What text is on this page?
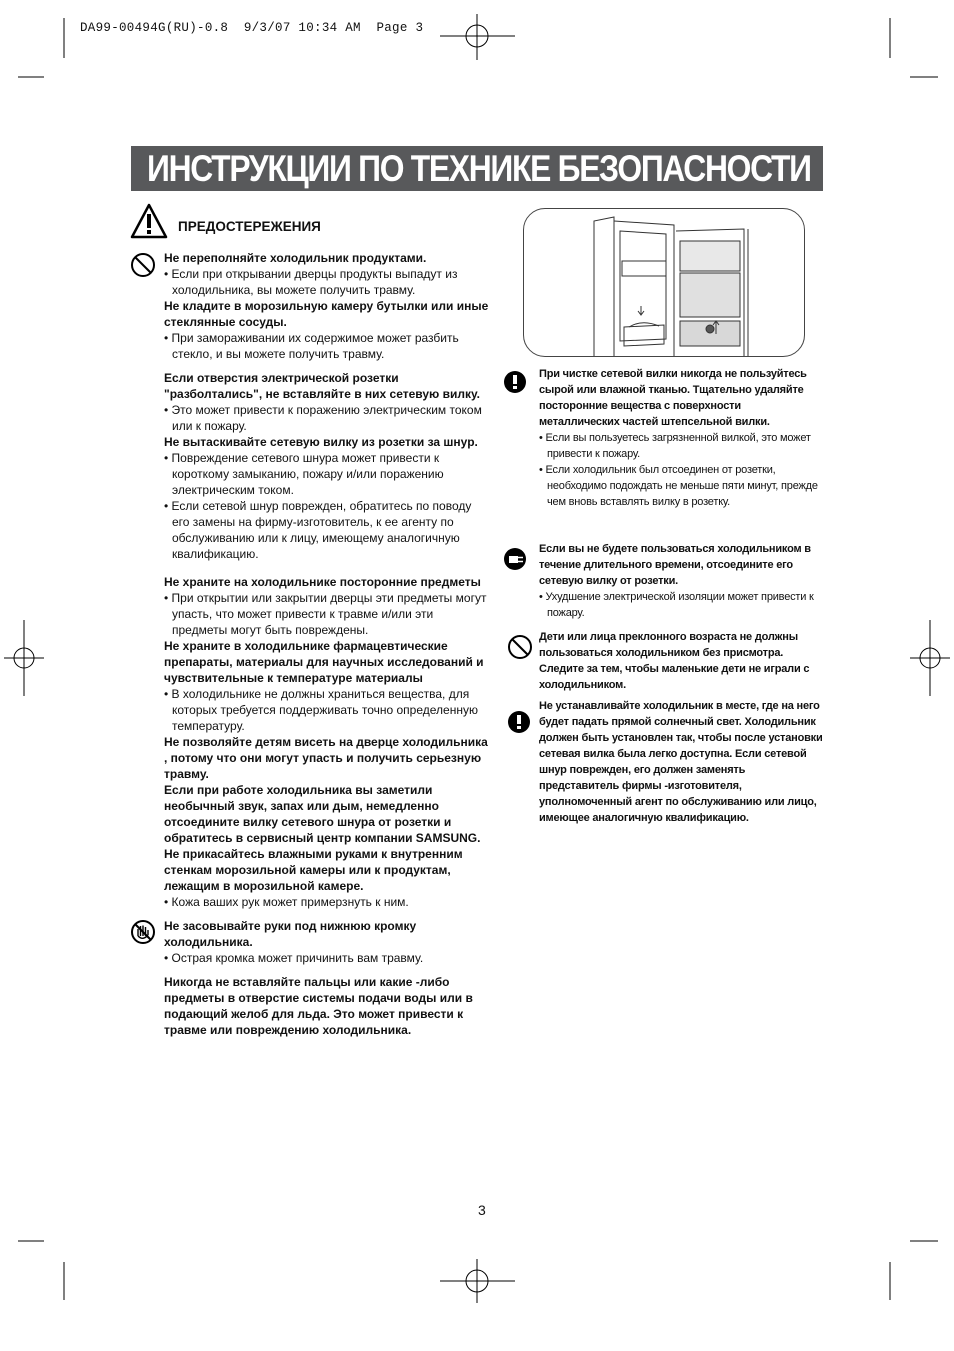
DA99-00494G(RU)-0.8  9/3/07 10:34 AM  Page 3
ИНСТРУКЦИИ ПО ТЕХНИКЕ БЕЗОПАСНОСТИ
ПРЕДОСТЕРЕЖЕНИЯ
Не переполняйте холодильник продуктами.
• Если при открывании дверцы продукты выпадут из холодильника, вы можете получить травму.
Не кладите в морозильную камеру бутылки или иные стеклянные сосуды.
• При замораживании их содержимое может разбить стекло, и вы можете получить травму.
Если отверстия электрической розетки "разболтались", не вставляйте в них сетевую вилку.
• Это может привести к поражению электрическим током или к пожару.
Не вытаскивайте сетевую вилку из розетки за шнур.
• Повреждение сетевого шнура может привести к короткому замыканию, пожару и/или поражению электрическим током.
• Если сетевой шнур поврежден, обратитесь по поводу его замены на фирму-изготовитель, к ее агенту по обслуживанию или к лицу, имеющему аналогичную квалификацию.
Не храните на холодильнике посторонние предметы
• При открытии или закрытии дверцы эти предметы могут упасть, что может привести к травме и/или эти предметы могут быть повреждены.
Не храните в холодильнике фармацевтические препараты, материалы для научных исследований и чувствительные к температуре материалы
• В холодильнике не должны храниться вещества, для которых требуется поддерживать точно определенную температуру.
Не позволяйте детям висеть на дверце холодильника , потому что они могут упасть и получить серьезную травму.
Если при работе холодильника вы заметили необычный звук, запах или дым, немедленно отсоедините вилку сетевого шнура от розетки и обратитесь в сервисный центр компании SAMSUNG.
Не прикасайтесь влажными руками к внутренним стенкам морозильной камеры или к продуктам, лежащим в морозильной камере.
• Кожа ваших рук может примерзнуть к ним.
Не засовывайте руки под нижнюю кромку холодильника.
• Острая кромка может причинить вам травму.
Никогда не вставляйте пальцы или какие -либо предметы в отверстие системы подачи воды или в подающий желоб для льда. Это может привести к травме или повреждению холодильника.
При чистке сетевой вилки никогда не пользуйтесь сырой или влажной тканью. Тщательно удаляйте посторонние вещества с поверхности металлических частей штепсельной вилки.
• Если вы пользуетесь загрязненной вилкой, это может привести к пожару.
• Если холодильник был отсоединен от розетки, необходимо подождать не меньше пяти минут, прежде чем вновь вставлять вилку в розетку.
Если вы не будете пользоваться холодильником в течение длительного времени, отсоедините его сетевую вилку от розетки.
• Ухудшение электрической изоляции может привести к пожару.
Дети или лица преклонного возраста не должны пользоваться холодильником без присмотра. Следите за тем, чтобы маленькие дети не играли с холодильником.
Не устанавливайте холодильник в месте, где на него будет падать прямой солнечный свет. Холодильник должен быть установлен так, чтобы после установки сетевая вилка была легко доступна. Если сетевой шнур поврежден, его должен заменять представитель фирмы -изготовителя, уполномоченный агент по обслуживанию или лицо, имеющее аналогичную квалификацию.
3
